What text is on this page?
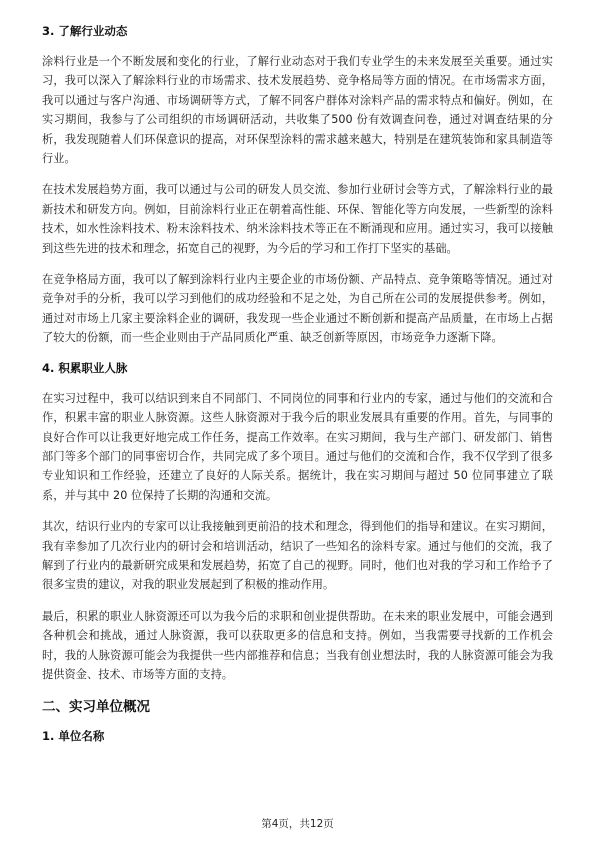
3. 了解行业动态

涂料行业是一个不断发展和变化的行业，了解行业动态对于我们专业学生的未来发展至关重要。通过实习，我可以深入了解涂料行业的市场需求、技术发展趋势、竞争格局等方面的情况。在市场需求方面，我可以通过与客户沟通、市场调研等方式，了解不同客户群体对涂料产品的需求特点和偏好。例如，在实习期间，我参与了公司组织的市场调研活动，共收集了500 份有效调查问卷，通过对调查结果的分析，我发现随着人们环保意识的提高，对环保型涂料的需求越来越大，特别是在建筑装饰和家具制造等行业。

在技术发展趋势方面，我可以通过与公司的研发人员交流、参加行业研讨会等方式，了解涂料行业的最新技术和研发方向。例如，目前涂料行业正在朝着高性能、环保、智能化等方向发展，一些新型的涂料技术，如水性涂料技术、粉末涂料技术、纳米涂料技术等正在不断涌现和应用。通过实习，我可以接触到这些先进的技术和理念，拓宽自己的视野，为今后的学习和工作打下坚实的基础。

在竞争格局方面，我可以了解到涂料行业内主要企业的市场份额、产品特点、竞争策略等情况。通过对竞争对手的分析，我可以学习到他们的成功经验和不足之处，为自己所在公司的发展提供参考。例如，通过对市场上几家主要涂料企业的调研，我发现一些企业通过不断创新和提高产品质量，在市场上占据了较大的份额，而一些企业则由于产品同质化严重、缺乏创新等原因，市场竞争力逐渐下降。

4. 积累职业人脉

在实习过程中，我可以结识到来自不同部门、不同岗位的同事和行业内的专家，通过与他们的交流和合作，积累丰富的职业人脉资源。这些人脉资源对于我今后的职业发展具有重要的作用。首先，与同事的良好合作可以让我更好地完成工作任务，提高工作效率。在实习期间，我与生产部门、研发部门、销售部门等多个部门的同事密切合作，共同完成了多个项目。通过与他们的交流和合作，我不仅学到了很多专业知识和工作经验，还建立了良好的人际关系。据统计，我在实习期间与超过 50 位同事建立了联系，并与其中 20 位保持了长期的沟通和交流。

其次，结识行业内的专家可以让我接触到更前沿的技术和理念，得到他们的指导和建议。在实习期间，我有幸参加了几次行业内的研讨会和培训活动，结识了一些知名的涂料专家。通过与他们的交流，我了解到了行业内的最新研究成果和发展趋势，拓宽了自己的视野。同时，他们也对我的学习和工作给予了很多宝贵的建议，对我的职业发展起到了积极的推动作用。

最后，积累的职业人脉资源还可以为我今后的求职和创业提供帮助。在未来的职业发展中，可能会遇到各种机会和挑战，通过人脉资源，我可以获取更多的信息和支持。例如，当我需要寻找新的工作机会时，我的人脉资源可能会为我提供一些内部推荐和信息；当我有创业想法时，我的人脉资源可能会为我提供资金、技术、市场等方面的支持。

二、实习单位概况
1. 单位名称
第4页，共12页
